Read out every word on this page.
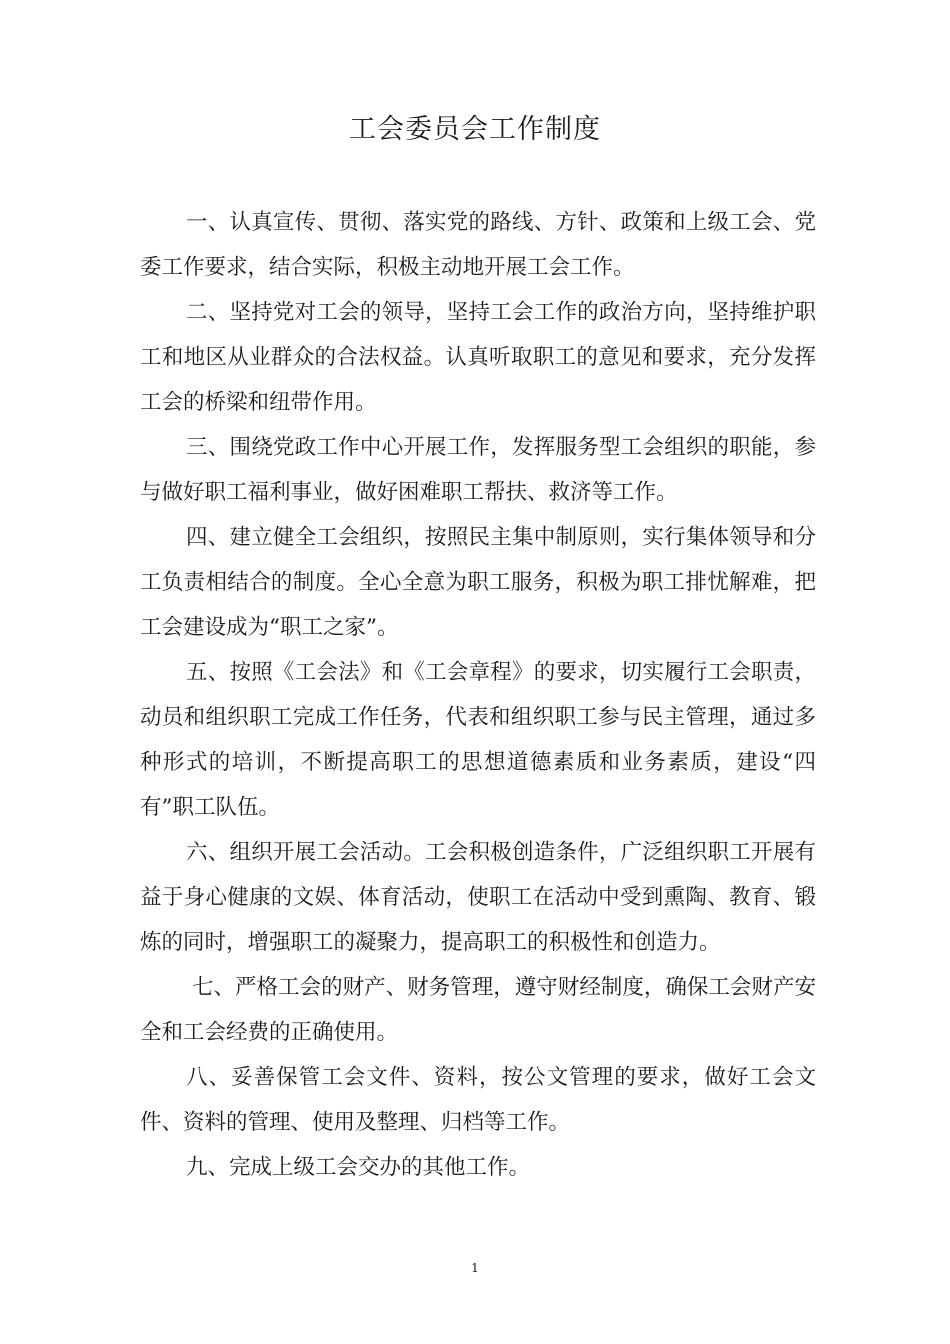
工会委员会工作制度

一、认真宣传、贯彻、落实党的路线、方针、政策和上级工会、党委工作要求，结合实际，积极主动地开展工会工作。

二、坚持党对工会的领导，坚持工会工作的政治方向，坚持维护职工和地区从业群众的合法权益。认真听取职工的意见和要求，充分发挥工会的桥梁和纽带作用。

三、围绕党政工作中心开展工作，发挥服务型工会组织的职能，参与做好职工福利事业，做好困难职工帮扶、救济等工作。

四、建立健全工会组织，按照民主集中制原则，实行集体领导和分工负责相结合的制度。全心全意为职工服务，积极为职工排忧解难，把工会建设成为“职工之家”。

五、按照《工会法》和《工会章程》的要求，切实履行工会职责，动员和组织职工完成工作任务，代表和组织职工参与民主管理，通过多种形式的培训，不断提高职工的思想道德素质和业务素质，建设“四有”职工队伍。

六、组织开展工会活动。工会积极创造条件，广泛组织职工开展有益于身心健康的文娱、体育活动，使职工在活动中受到熏陶、教育、锻炼的同时，增强职工的凝聚力，提高职工的积极性和创造力。

七、严格工会的财产、财务管理，遵守财经制度，确保工会财产安全和工会经费的正确使用。

八、妥善保管工会文件、资料，按公文管理的要求，做好工会文件、资料的管理、使用及整理、归档等工作。

九、完成上级工会交办的其他工作。

1
